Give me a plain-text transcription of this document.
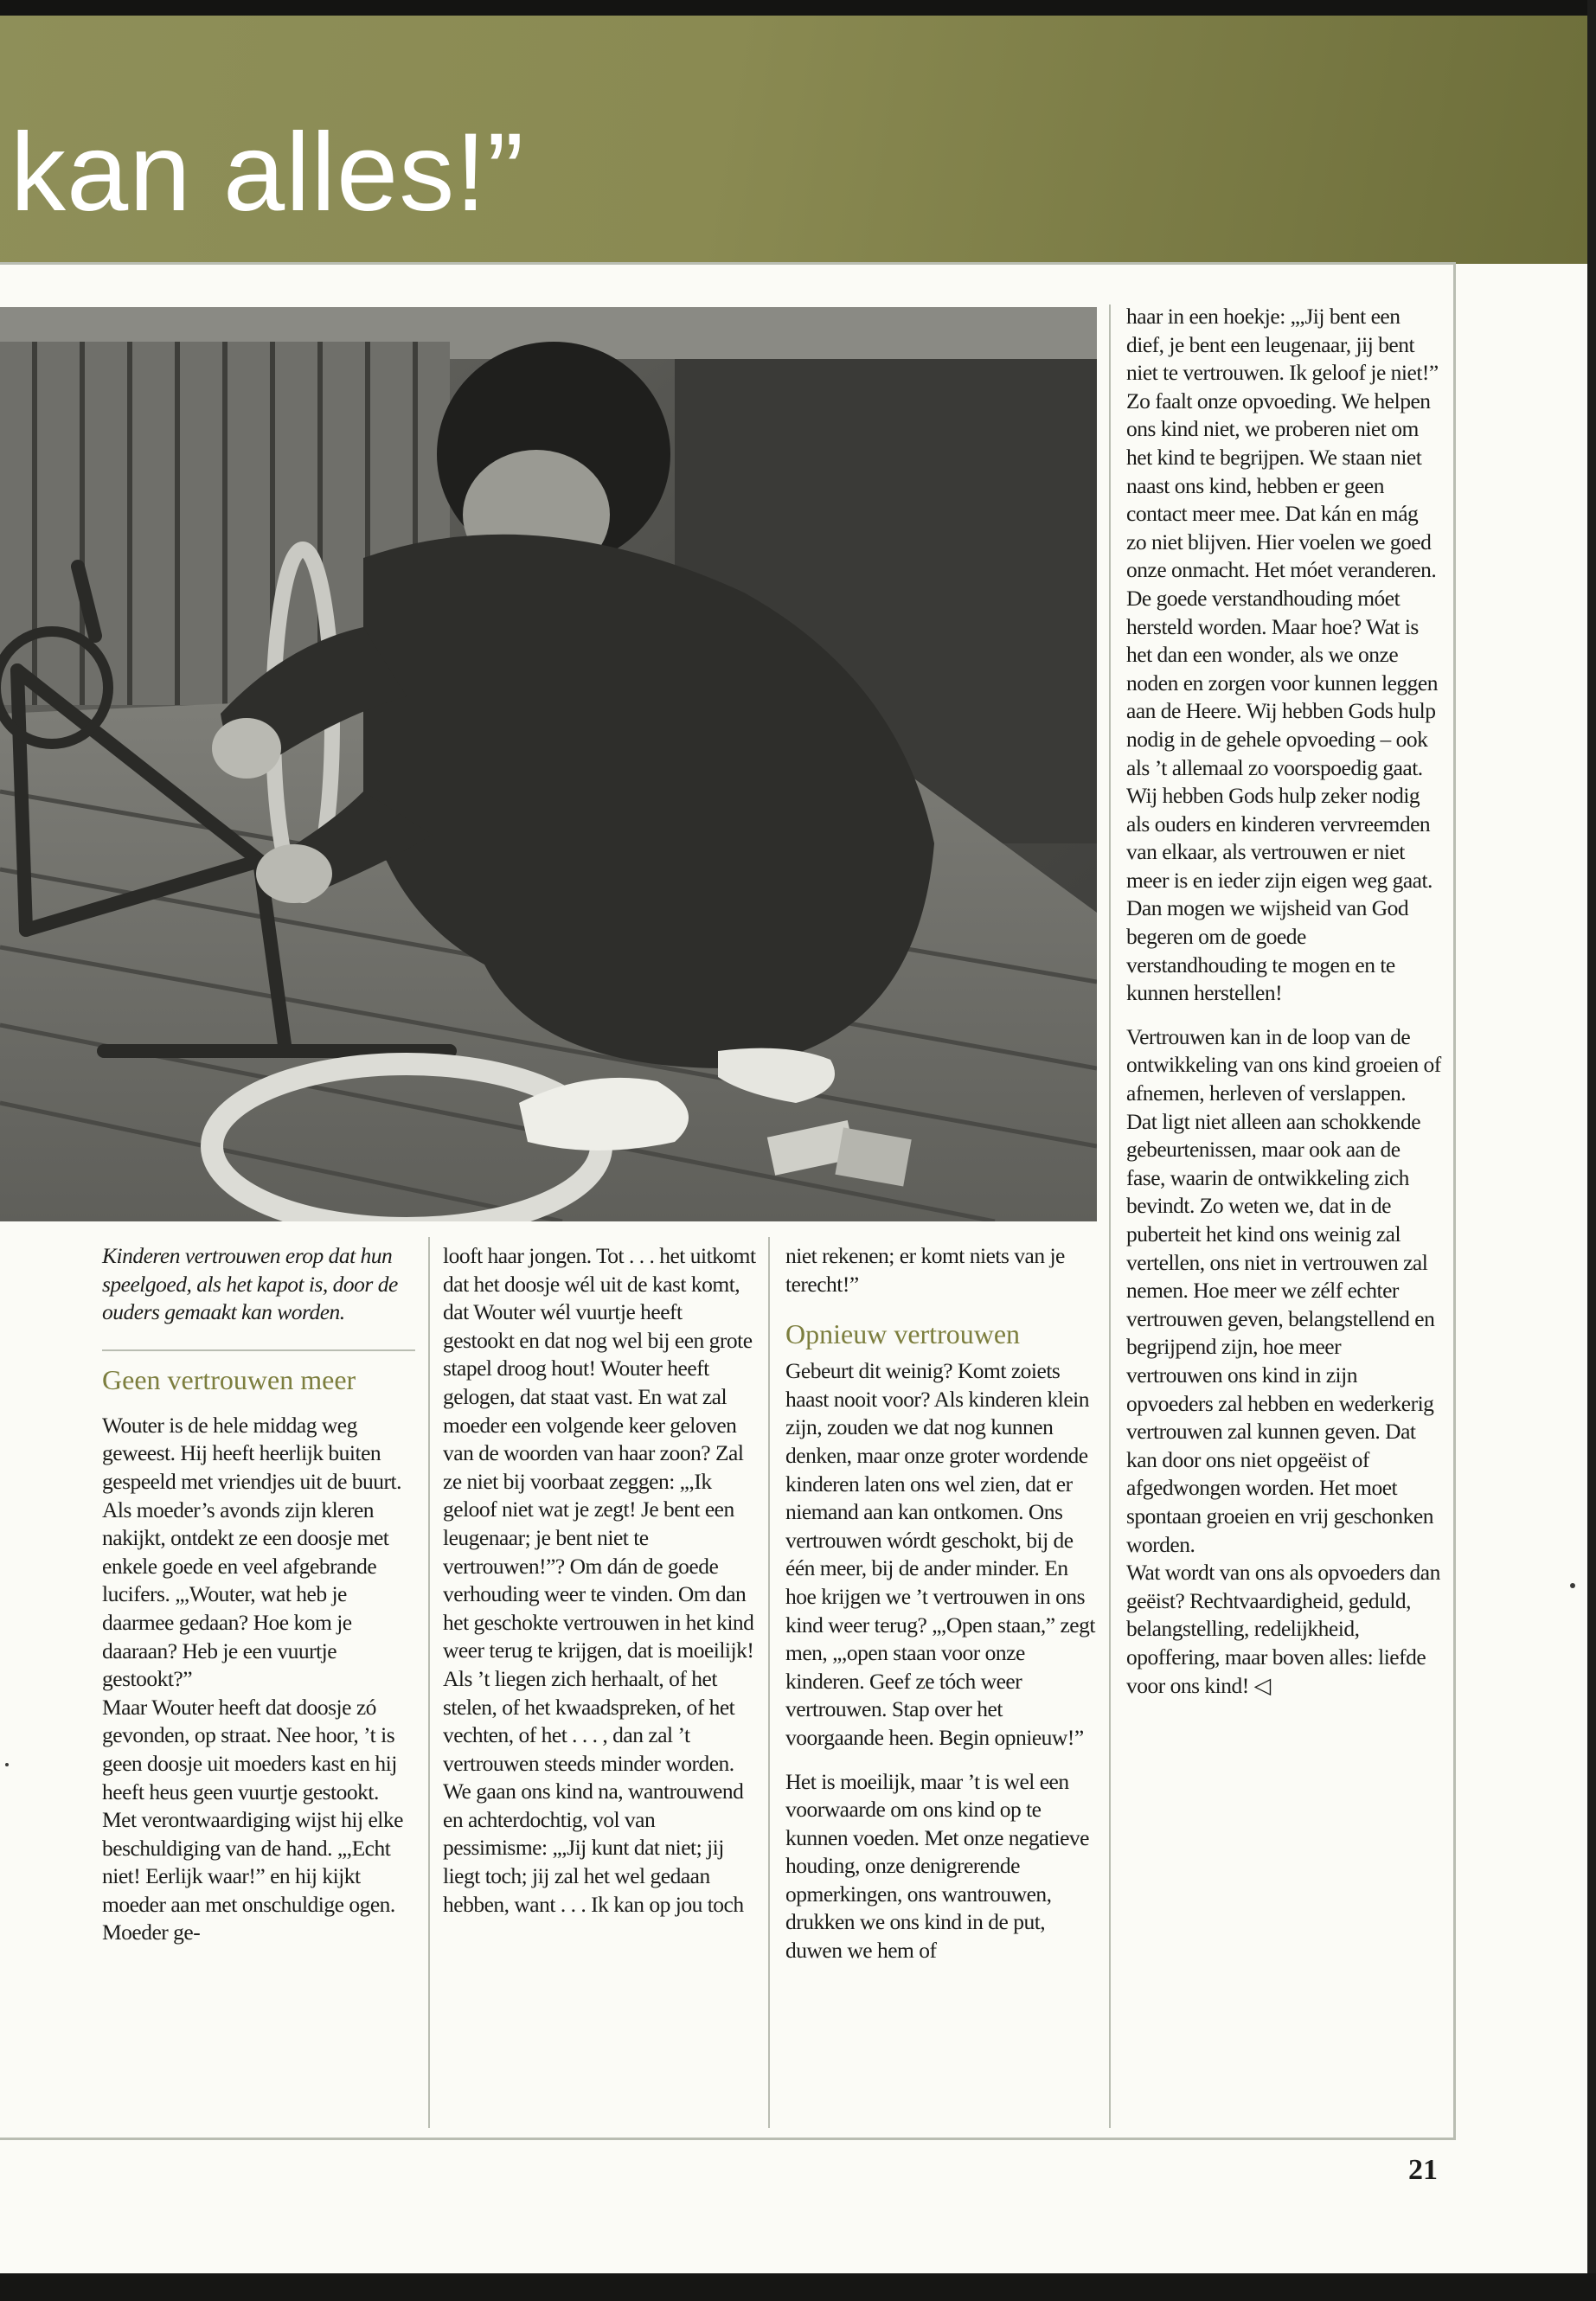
kan alles!”

Kinderen vertrouwen erop dat hun speelgoed, als het kapot is, door de ouders gemaakt kan worden.

Geen vertrouwen meer

Wouter is de hele middag weg geweest. Hij heeft heerlijk buiten gespeeld met vriendjes uit de buurt. Als moeder’s avonds zijn kleren nakijkt, ontdekt ze een doosje met enkele goede en veel afgebrande lucifers. „,Wouter, wat heb je daarmee gedaan? Hoe kom je daaraan? Heb je een vuurtje gestookt?”

Maar Wouter heeft dat doosje zó gevonden, op straat. Nee hoor, ’t is geen doosje uit moeders kast en hij heeft heus geen vuurtje gestookt. Met verontwaardiging wijst hij elke beschuldiging van de hand. „,Echt niet! Eerlijk waar!” en hij kijkt moeder aan met onschuldige ogen. Moeder ge-

looft haar jongen. Tot . . . het uitkomt dat het doosje wél uit de kast komt, dat Wouter wél vuurtje heeft gestookt en dat nog wel bij een grote stapel droog hout! Wouter heeft gelogen, dat staat vast. En wat zal moeder een volgende keer geloven van de woorden van haar zoon? Zal ze niet bij voorbaat zeggen: „,Ik geloof niet wat je zegt! Je bent een leugenaar; je bent niet te vertrouwen!”? Om dán de goede verhouding weer te vinden. Om dan het geschokte vertrouwen in het kind weer terug te krijgen, dat is moeilijk!

Als ’t liegen zich herhaalt, of het stelen, of het kwaadspreken, of het vechten, of het . . . , dan zal ’t vertrouwen steeds minder worden. We gaan ons kind na, wantrouwend en achterdochtig, vol van pessimisme: „,Jij kunt dat niet; jij liegt toch; jij zal het wel gedaan hebben, want . . . Ik kan op jou toch

niet rekenen; er komt niets van je terecht!”

Opnieuw vertrouwen

Gebeurt dit weinig? Komt zoiets haast nooit voor? Als kinderen klein zijn, zouden we dat nog kunnen denken, maar onze groter wordende kinderen laten ons wel zien, dat er niemand aan kan ontkomen. Ons vertrouwen wórdt geschokt, bij de één meer, bij de ander minder. En hoe krijgen we ’t vertrouwen in ons kind weer terug? „,Open staan,” zegt men, „,open staan voor onze kinderen. Geef ze tóch weer vertrouwen. Stap over het voorgaande heen. Begin opnieuw!”

Het is moeilijk, maar ’t is wel een voorwaarde om ons kind op te kunnen voeden. Met onze negatieve houding, onze denigrerende opmerkingen, ons wantrouwen, drukken we ons kind in de put, duwen we hem of

haar in een hoekje: „,Jij bent een dief, je bent een leugenaar, jij bent niet te vertrouwen. Ik geloof je niet!” Zo faalt onze opvoeding. We helpen ons kind niet, we proberen niet om het kind te begrijpen. We staan niet naast ons kind, hebben er geen contact meer mee. Dat kán en mág zo niet blijven. Hier voelen we goed onze onmacht. Het móet veranderen. De goede verstandhouding móet hersteld worden. Maar hoe? Wat is het dan een wonder, als we onze noden en zorgen voor kunnen leggen aan de Heere. Wij hebben Gods hulp nodig in de gehele opvoeding – ook als ’t allemaal zo voorspoedig gaat. Wij hebben Gods hulp zeker nodig als ouders en kinderen vervreemden van elkaar, als vertrouwen er niet meer is en ieder zijn eigen weg gaat. Dan mogen we wijsheid van God begeren om de goede verstandhouding te mogen en te kunnen herstellen!

Vertrouwen kan in de loop van de ontwikkeling van ons kind groeien of afnemen, herleven of verslappen. Dat ligt niet alleen aan schokkende gebeurtenissen, maar ook aan de fase, waarin de ontwikkeling zich bevindt. Zo weten we, dat in de puberteit het kind ons weinig zal vertellen, ons niet in vertrouwen zal nemen. Hoe meer we zélf echter vertrouwen geven, belangstellend en begrijpend zijn, hoe meer vertrouwen ons kind in zijn opvoeders zal hebben en wederkerig vertrouwen zal kunnen geven. Dat kan door ons niet opgeëist of afgedwongen worden. Het moet spontaan groeien en vrij geschonken worden.

Wat wordt van ons als opvoeders dan geëist? Rechtvaardigheid, geduld, belangstelling, redelijkheid, opoffering, maar boven alles: liefde voor ons kind! ◁

21
